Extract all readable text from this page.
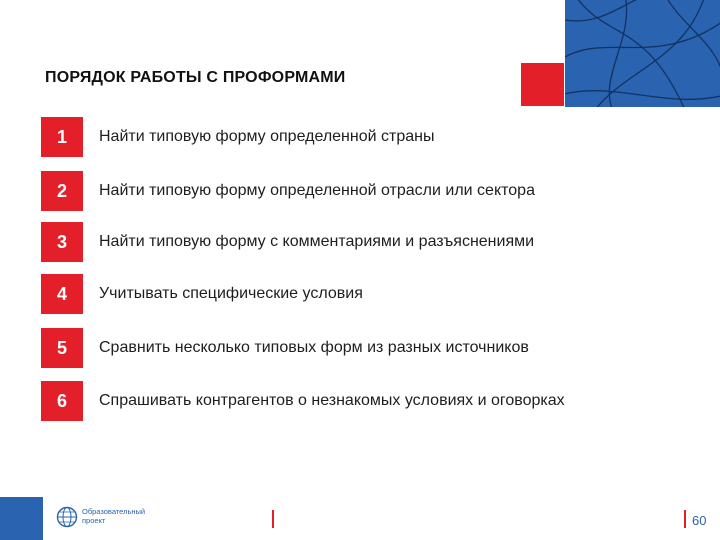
ПОРЯДОК РАБОТЫ С ПРОФОРМАМИ
1	Найти типовую форму определенной страны
2	Найти типовую форму определенной отрасли или сектора
3	Найти типовую форму с комментариями и разъяснениями
4	Учитывать специфические условия
5	Сравнить несколько типовых форм из разных источников
6	Спрашивать контрагентов о незнакомых условиях и оговорках
Образовательный
проект	60
